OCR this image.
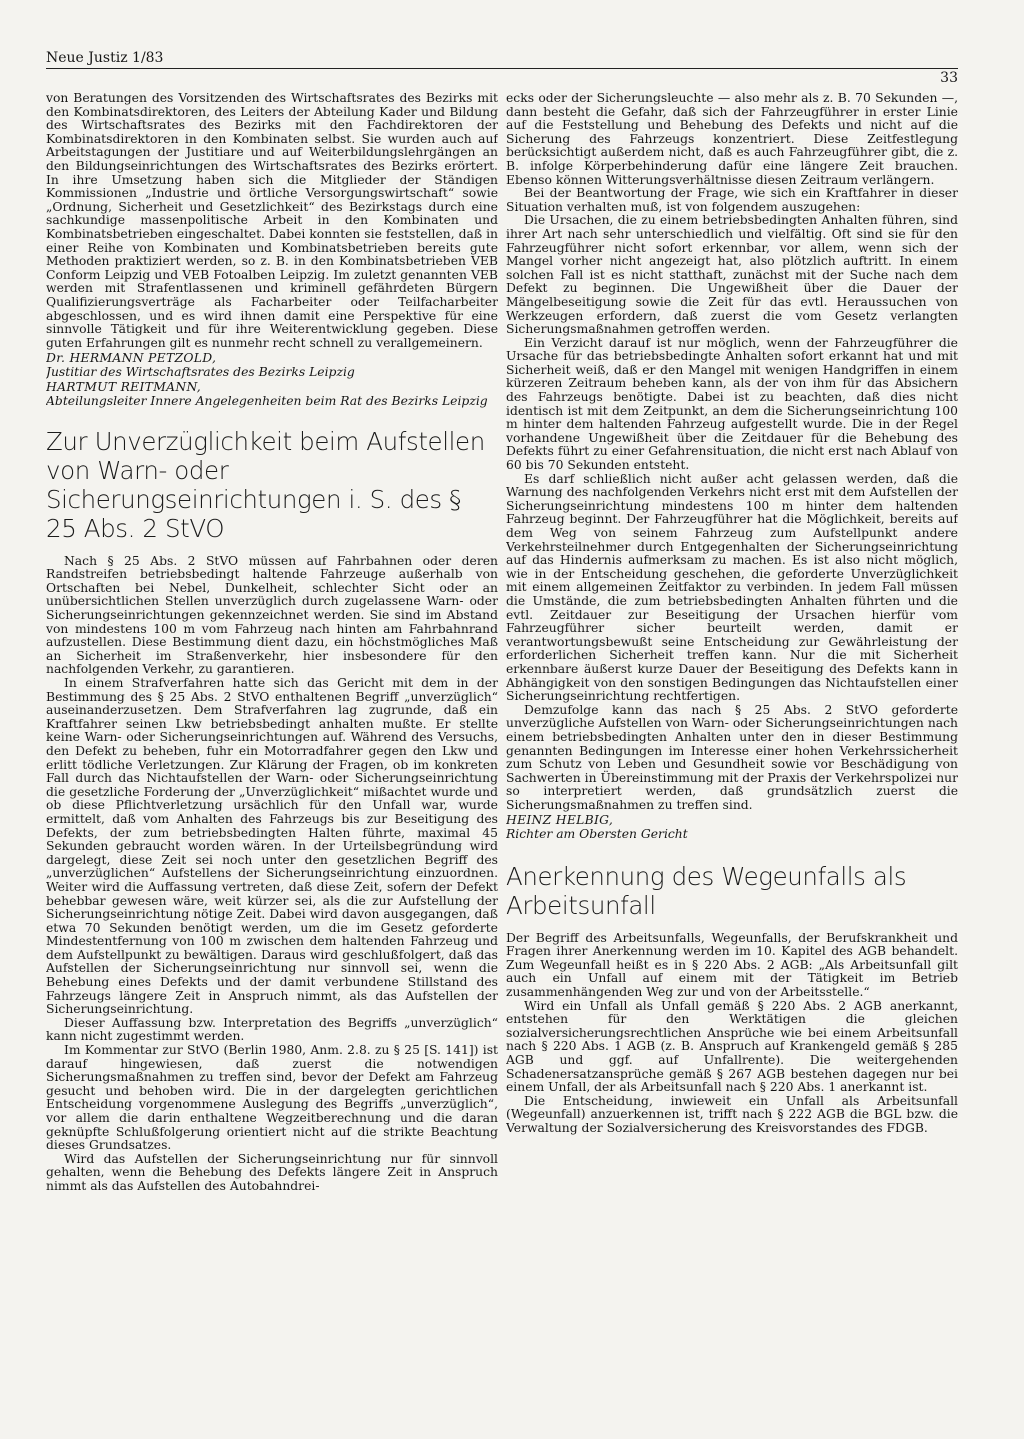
Neue Justiz 1/83
33

von Beratungen des Vorsitzenden des Wirtschaftsrates des Bezirks mit den Kombinatsdirektoren, des Leiters der Abteilung Kader und Bildung des Wirtschaftsrates des Bezirks mit den Fachdirektoren der Kombinatsdirektoren in den Kombinaten selbst. Sie wurden auch auf Arbeitstagungen der Justitiare und auf Weiterbildungslehrgängen an den Bildungseinrichtungen des Wirtschaftsrates des Bezirks erörtert. In ihre Umsetzung haben sich die Mitglieder der Ständigen Kommissionen „Industrie und örtliche Versorgungswirtschaft“ sowie „Ordnung, Sicherheit und Gesetzlichkeit“ des Bezirkstags durch eine sachkundige massenpolitische Arbeit in den Kombinaten und Kombinatsbetrieben eingeschaltet. Dabei konnten sie feststellen, daß in einer Reihe von Kombinaten und Kombinatsbetrieben bereits gute Methoden praktiziert werden, so z. B. in den Kombinatsbetrieben VEB Conform Leipzig und VEB Fotoalben Leipzig. Im zuletzt genannten VEB werden mit Strafentlassenen und kriminell gefährdeten Bürgern Qualifizierungsverträge als Facharbeiter oder Teilfacharbeiter abgeschlossen, und es wird ihnen damit eine Perspektive für eine sinnvolle Tätigkeit und für ihre Weiterentwicklung gegeben. Diese guten Erfahrungen gilt es nunmehr recht schnell zu verallgemeinern.

Dr. HERMANN PETZOLD,

Justitiar des Wirtschaftsrates des Bezirks Leipzig

HARTMUT REITMANN,

Abteilungsleiter Innere Angelegenheiten beim Rat des Bezirks Leipzig

Zur Unverzüglichkeit beim Aufstellen von Warn- oder Sicherungseinrichtungen i. S. des § 25 Abs. 2 StVO

Nach § 25 Abs. 2 StVO müssen auf Fahrbahnen oder deren Randstreifen betriebsbedingt haltende Fahrzeuge außerhalb von Ortschaften bei Nebel, Dunkelheit, schlechter Sicht oder an unübersichtlichen Stellen unverzüglich durch zugelassene Warn- oder Sicherungseinrichtungen gekennzeichnet werden. Sie sind im Abstand von mindestens 100 m vom Fahrzeug nach hinten am Fahrbahnrand aufzustellen. Diese Bestimmung dient dazu, ein höchstmögliches Maß an Sicherheit im Straßenverkehr, hier insbesondere für den nachfolgenden Verkehr, zu garantieren.

In einem Strafverfahren hatte sich das Gericht mit dem in der Bestimmung des § 25 Abs. 2 StVO enthaltenen Begriff „unverzüglich“ auseinanderzusetzen. Dem Strafverfahren lag zugrunde, daß ein Kraftfahrer seinen Lkw betriebsbedingt anhalten mußte. Er stellte keine Warn- oder Sicherungseinrichtungen auf. Während des Versuchs, den Defekt zu beheben, fuhr ein Motorradfahrer gegen den Lkw und erlitt tödliche Verletzungen. Zur Klärung der Fragen, ob im konkreten Fall durch das Nichtaufstellen der Warn- oder Sicherungseinrichtung die gesetzliche Forderung der „Unverzüglichkeit“ mißachtet wurde und ob diese Pflichtverletzung ursächlich für den Unfall war, wurde ermittelt, daß vom Anhalten des Fahrzeugs bis zur Beseitigung des Defekts, der zum betriebsbedingten Halten führte, maximal 45 Sekunden gebraucht worden wären. In der Urteilsbegründung wird dargelegt, diese Zeit sei noch unter den gesetzlichen Begriff des „unverzüglichen“ Aufstellens der Sicherungseinrichtung einzuordnen. Weiter wird die Auffassung vertreten, daß diese Zeit, sofern der Defekt behebbar gewesen wäre, weit kürzer sei, als die zur Aufstellung der Sicherungseinrichtung nötige Zeit. Dabei wird davon ausgegangen, daß etwa 70 Sekunden benötigt werden, um die im Gesetz geforderte Mindestentfernung von 100 m zwischen dem haltenden Fahrzeug und dem Aufstellpunkt zu bewältigen. Daraus wird geschlußfolgert, daß das Aufstellen der Sicherungseinrichtung nur sinnvoll sei, wenn die Behebung eines Defekts und der damit verbundene Stillstand des Fahrzeugs längere Zeit in Anspruch nimmt, als das Aufstellen der Sicherungseinrichtung.

Dieser Auffassung bzw. Interpretation des Begriffs „unverzüglich“ kann nicht zugestimmt werden.

Im Kommentar zur StVO (Berlin 1980, Anm. 2.8. zu § 25 [S. 141]) ist darauf hingewiesen, daß zuerst die notwendigen Sicherungsmaßnahmen zu treffen sind, bevor der Defekt am Fahrzeug gesucht und behoben wird. Die in der dargelegten gerichtlichen Entscheidung vorgenommene Auslegung des Begriffs „unverzüglich“, vor allem die darin enthaltene Wegzeitberechnung und die daran geknüpfte Schlußfolgerung orientiert nicht auf die strikte Beachtung dieses Grundsatzes.

Wird das Aufstellen der Sicherungseinrichtung nur für sinnvoll gehalten, wenn die Behebung des Defekts längere Zeit in Anspruch nimmt als das Aufstellen des Autobahndrei-

ecks oder der Sicherungsleuchte — also mehr als z. B. 70 Sekunden —, dann besteht die Gefahr, daß sich der Fahrzeugführer in erster Linie auf die Feststellung und Behebung des Defekts und nicht auf die Sicherung des Fahrzeugs konzentriert. Diese Zeitfestlegung berücksichtigt außerdem nicht, daß es auch Fahrzeugführer gibt, die z. B. infolge Körperbehinderung dafür eine längere Zeit brauchen. Ebenso können Witterungsverhältnisse diesen Zeitraum verlängern.

Bei der Beantwortung der Frage, wie sich ein Kraftfahrer in dieser Situation verhalten muß, ist von folgendem auszugehen:

Die Ursachen, die zu einem betriebsbedingten Anhalten führen, sind ihrer Art nach sehr unterschiedlich und vielfältig. Oft sind sie für den Fahrzeugführer nicht sofort erkennbar, vor allem, wenn sich der Mangel vorher nicht angezeigt hat, also plötzlich auftritt. In einem solchen Fall ist es nicht statthaft, zunächst mit der Suche nach dem Defekt zu beginnen. Die Ungewißheit über die Dauer der Mängelbeseitigung sowie die Zeit für das evtl. Heraussuchen von Werkzeugen erfordern, daß zuerst die vom Gesetz verlangten Sicherungsmaßnahmen getroffen werden.

Ein Verzicht darauf ist nur möglich, wenn der Fahrzeugführer die Ursache für das betriebsbedingte Anhalten sofort erkannt hat und mit Sicherheit weiß, daß er den Mangel mit wenigen Handgriffen in einem kürzeren Zeitraum beheben kann, als der von ihm für das Absichern des Fahrzeugs benötigte. Dabei ist zu beachten, daß dies nicht identisch ist mit dem Zeitpunkt, an dem die Sicherungseinrichtung 100 m hinter dem haltenden Fahrzeug aufgestellt wurde. Die in der Regel vorhandene Ungewißheit über die Zeitdauer für die Behebung des Defekts führt zu einer Gefahrensituation, die nicht erst nach Ablauf von 60 bis 70 Sekunden entsteht.

Es darf schließlich nicht außer acht gelassen werden, daß die Warnung des nachfolgenden Verkehrs nicht erst mit dem Aufstellen der Sicherungseinrichtung mindestens 100 m hinter dem haltenden Fahrzeug beginnt. Der Fahrzeugführer hat die Möglichkeit, bereits auf dem Weg von seinem Fahrzeug zum Aufstellpunkt andere Verkehrsteilnehmer durch Entgegenhalten der Sicherungseinrichtung auf das Hindernis aufmerksam zu machen. Es ist also nicht möglich, wie in der Entscheidung geschehen, die geforderte Unverzüglichkeit mit einem allgemeinen Zeitfaktor zu verbinden. In jedem Fall müssen die Umstände, die zum betriebsbedingten Anhalten führten und die evtl. Zeitdauer zur Beseitigung der Ursachen hierfür vom Fahrzeugführer sicher beurteilt werden, damit er verantwortungsbewußt seine Entscheidung zur Gewährleistung der erforderlichen Sicherheit treffen kann. Nur die mit Sicherheit erkennbare äußerst kurze Dauer der Beseitigung des Defekts kann in Abhängigkeit von den sonstigen Bedingungen das Nichtaufstellen einer Sicherungseinrichtung rechtfertigen.

Demzufolge kann das nach § 25 Abs. 2 StVO geforderte unverzügliche Aufstellen von Warn- oder Sicherungseinrichtungen nach einem betriebsbedingten Anhalten unter den in dieser Bestimmung genannten Bedingungen im Interesse einer hohen Verkehrssicherheit zum Schutz von Leben und Gesundheit sowie vor Beschädigung von Sachwerten in Übereinstimmung mit der Praxis der Verkehrspolizei nur so interpretiert werden, daß grundsätzlich zuerst die Sicherungsmaßnahmen zu treffen sind.

HEINZ HELBIG,

Richter am Obersten Gericht

Anerkennung des Wegeunfalls als Arbeitsunfall

Der Begriff des Arbeitsunfalls, Wegeunfalls, der Berufskrankheit und Fragen ihrer Anerkennung werden im 10. Kapitel des AGB behandelt. Zum Wegeunfall heißt es in § 220 Abs. 2 AGB: „Als Arbeitsunfall gilt auch ein Unfall auf einem mit der Tätigkeit im Betrieb zusammenhängenden Weg zur und von der Arbeitsstelle.“

Wird ein Unfall als Unfall gemäß § 220 Abs. 2 AGB anerkannt, entstehen für den Werktätigen die gleichen sozialversicherungsrechtlichen Ansprüche wie bei einem Arbeitsunfall nach § 220 Abs. 1 AGB (z. B. Anspruch auf Krankengeld gemäß § 285 AGB und ggf. auf Unfallrente). Die weitergehenden Schadenersatzansprüche gemäß § 267 AGB bestehen dagegen nur bei einem Unfall, der als Arbeitsunfall nach § 220 Abs. 1 anerkannt ist.

Die Entscheidung, inwieweit ein Unfall als Arbeitsunfall (Wegeunfall) anzuerkennen ist, trifft nach § 222 AGB die BGL bzw. die Verwaltung der Sozialversicherung des Kreisvorstandes des FDGB.
